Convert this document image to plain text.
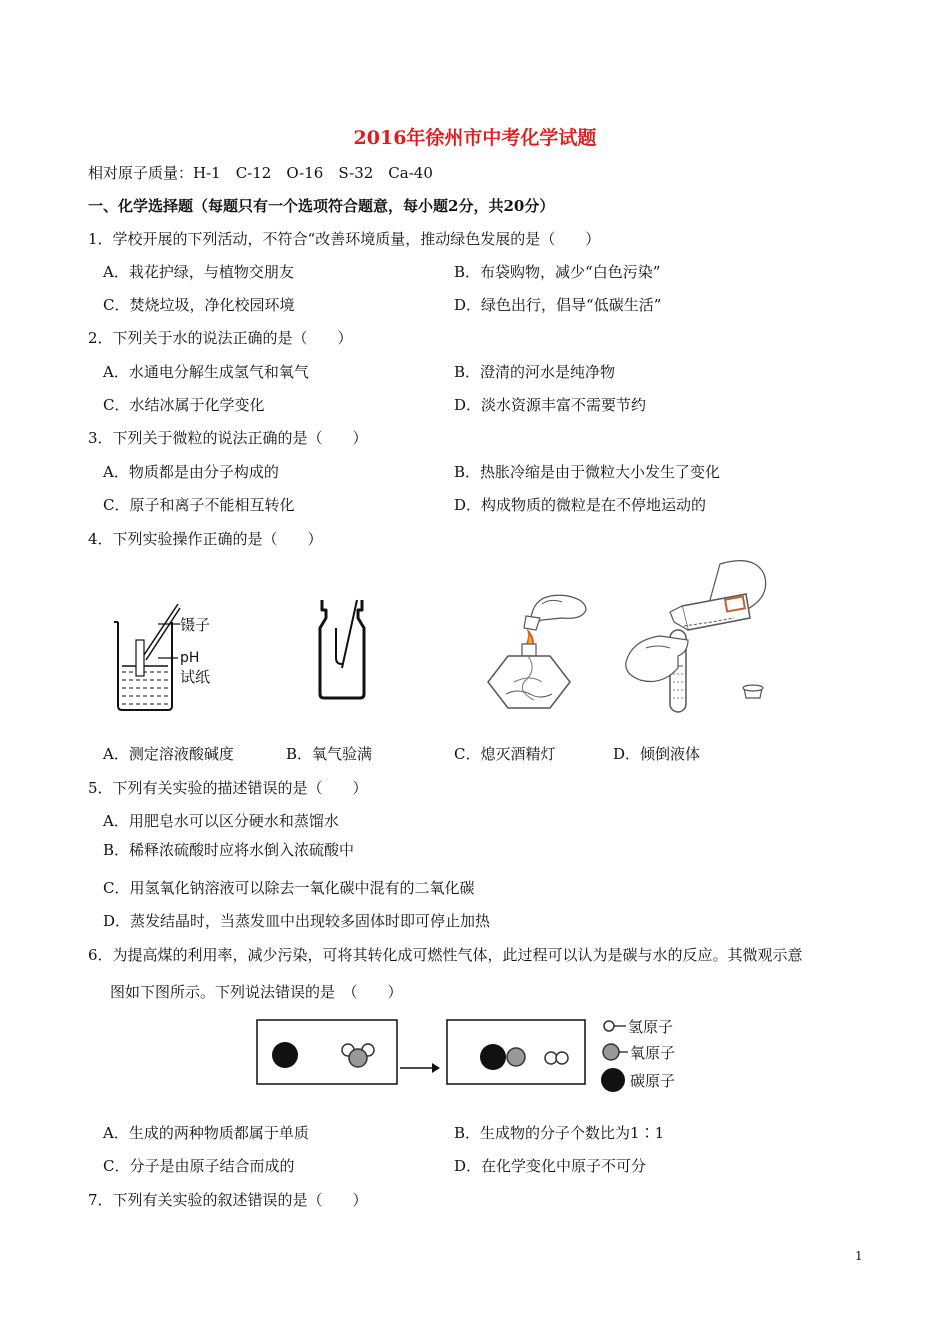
2016年徐州市中考化学试题
相对原子质量：H-1　C-12　O-16　S-32　Ca-40
一、化学选择题（每题只有一个选项符合题意，每小题2分，共20分）
1．学校开展的下列活动，不符合“改善环境质量，推动绿色发展的是（　　）
A．栽花护绿，与植物交朋友	B．布袋购物，减少“白色污染”
C．焚烧垃圾，净化校园环境	D．绿色出行，倡导“低碳生活”
2．下列关于水的说法正确的是（　　）
A．水通电分解生成氢气和氧气	B．澄清的河水是纯净物
C．水结冰属于化学变化	D．淡水资源丰富不需要节约
3．下列关于微粒的说法正确的是（　　）
A．物质都是由分子构成的	B．热胀冷缩是由于微粒大小发生了变化
C．原子和离子不能相互转化	D．构成物质的微粒是在不停地运动的
4．下列实验操作正确的是（　　）
镊子
pH
试纸
A．测定溶液酸碱度	B．氧气验满	C．熄灭酒精灯	D．倾倒液体
5．下列有关实验的描述错误的是（　　）
A．用肥皂水可以区分硬水和蒸馏水
B．稀释浓硫酸时应将水倒入浓硫酸中
C．用氢氧化钠溶液可以除去一氧化碳中混有的二氧化碳
D．蒸发结晶时，当蒸发皿中出现较多固体时即可停止加热
6．为提高煤的利用率，减少污染，可将其转化成可燃性气体，此过程可以认为是碳与水的反应。其微观示意
图如下图所示。下列说法错误的是　（　　）
氢原子
氧原子
碳原子
A．生成的两种物质都属于单质	B．生成物的分子个数比为1∶1
C．分子是由原子结合而成的	D．在化学变化中原子不可分
7．下列有关实验的叙述错误的是（　　）
1
